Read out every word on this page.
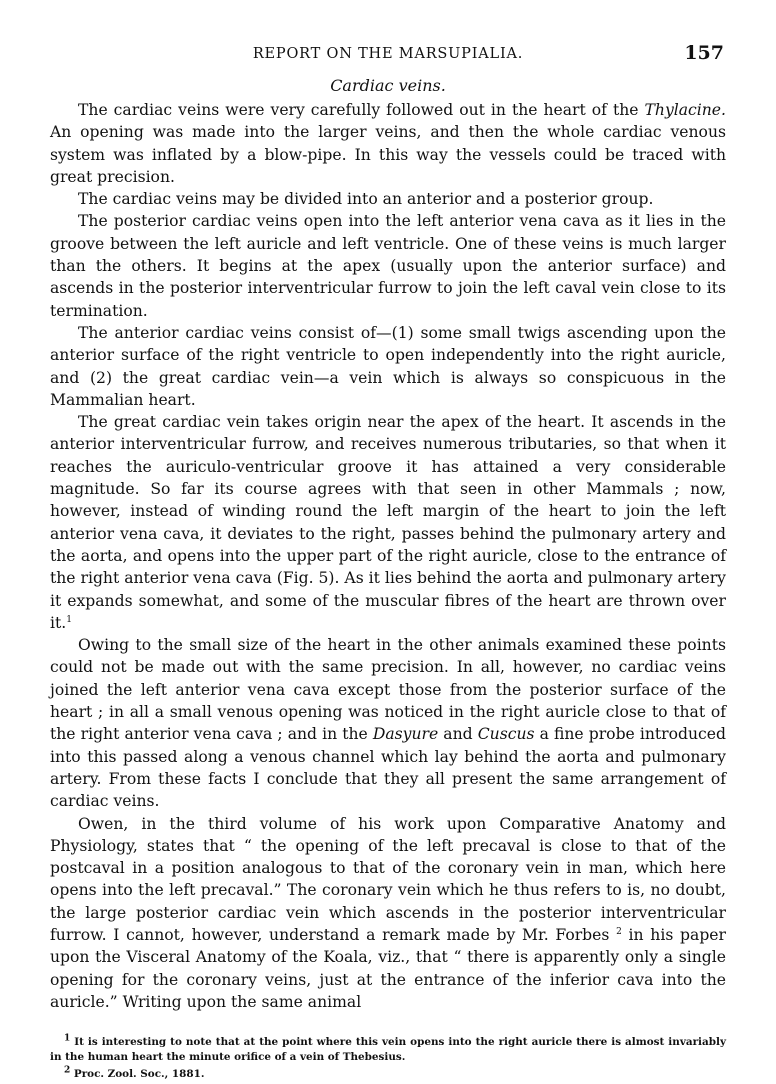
REPORT ON THE MARSUPIALIA.	157
Cardiac veins.

The cardiac veins were very carefully followed out in the heart of the Thylacine. An opening was made into the larger veins, and then the whole cardiac venous system was inflated by a blow-pipe. In this way the vessels could be traced with great precision.

The cardiac veins may be divided into an anterior and a posterior group.

The posterior cardiac veins open into the left anterior vena cava as it lies in the groove between the left auricle and left ventricle. One of these veins is much larger than the others. It begins at the apex (usually upon the anterior surface) and ascends in the posterior interventricular furrow to join the left caval vein close to its termination.

The anterior cardiac veins consist of—(1) some small twigs ascending upon the anterior surface of the right ventricle to open independently into the right auricle, and (2) the great cardiac vein—a vein which is always so conspicuous in the Mammalian heart.

The great cardiac vein takes origin near the apex of the heart. It ascends in the anterior interventricular furrow, and receives numerous tributaries, so that when it reaches the auriculo-ventricular groove it has attained a very considerable magnitude. So far its course agrees with that seen in other Mammals ; now, however, instead of winding round the left margin of the heart to join the left anterior vena cava, it deviates to the right, passes behind the pulmonary artery and the aorta, and opens into the upper part of the right auricle, close to the entrance of the right anterior vena cava (Fig. 5). As it lies behind the aorta and pulmonary artery it expands somewhat, and some of the muscular fibres of the heart are thrown over it.$^1$

Owing to the small size of the heart in the other animals examined these points could not be made out with the same precision. In all, however, no cardiac veins joined the left anterior vena cava except those from the posterior surface of the heart ; in all a small venous opening was noticed in the right auricle close to that of the right anterior vena cava ; and in the Dasyure and Cuscus a fine probe introduced into this passed along a venous channel which lay behind the aorta and pulmonary artery. From these facts I conclude that they all present the same arrangement of cardiac veins.

Owen, in the third volume of his work upon Comparative Anatomy and Physiology, states that “ the opening of the left precaval is close to that of the postcaval in a position analogous to that of the coronary vein in man, which here opens into the left precaval.” The coronary vein which he thus refers to is, no doubt, the large posterior cardiac vein which ascends in the posterior interventricular furrow. I cannot, however, understand a remark made by Mr. Forbes $^2$ in his paper upon the Visceral Anatomy of the Koala, viz., that “ there is apparently only a single opening for the coronary veins, just at the entrance of the inferior cava into the auricle.” Writing upon the same animal

$^1$ It is interesting to note that at the point where this vein opens into the right auricle there is almost invariably in the human heart the minute orifice of a vein of Thebesius.

$^2$ Proc. Zool. Soc., 1881.
